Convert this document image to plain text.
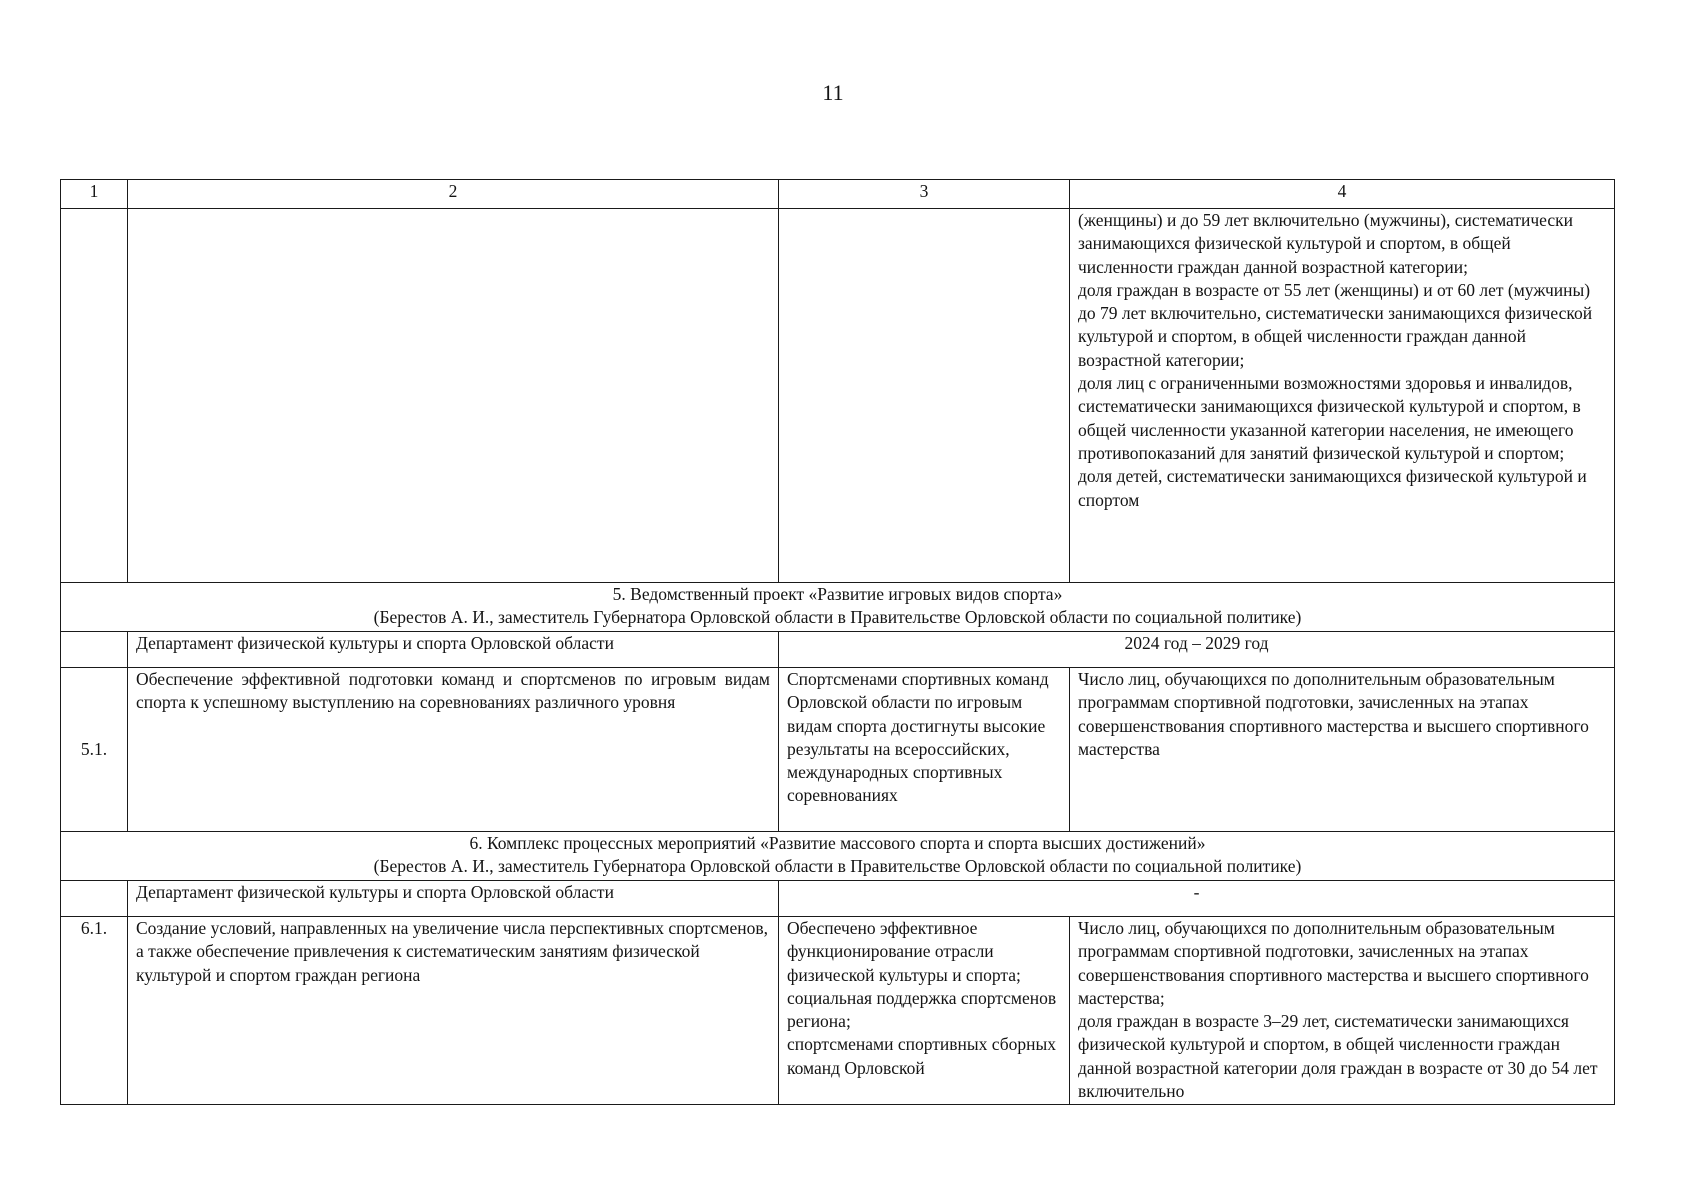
11
1	2	3	4

			(женщины) и до 59 лет включительно (мужчины), систематически занимающихся физической культурой и спортом, в общей численности граждан данной возрастной категории;
доля граждан в возрасте от 55 лет (женщины) и от 60 лет (мужчины) до 79 лет включительно, систематически занимающихся физической культурой и спортом, в общей численности граждан данной возрастной категории;
доля лиц с ограниченными возможностями здоровья и инвалидов, систематически занимающихся физической культурой и спортом, в общей численности указанной категории населения, не имеющего противопоказаний для занятий физической культурой и спортом;
доля детей, систематически занимающихся физической культурой и спортом

5. Ведомственный проект «Развитие игровых видов спорта»
(Берестов А. И., заместитель Губернатора Орловской области в Правительстве Орловской области по социальной политике)			

	Департамент физической культуры и спорта Орловской области	2024 год – 2029 год	
5.1.	Обеспечение эффективной подготовки команд и спортсменов по игровым видам спорта к успешному выступлению на соревнованиях различного уровня	Спортсменами спортивных команд Орловской области по игровым видам спорта достигнуты высокие результаты на всероссийских, международных спортивных соревнованиях	Число лиц, обучающихся по дополнительным образовательным программам спортивной подготовки, зачисленных на этапах совершенствования спортивного мастерства и высшего спортивного мастерства

6. Комплекс процессных мероприятий «Развитие массового спорта и спорта высших достижений»
(Берестов А. И., заместитель Губернатора Орловской области в Правительстве Орловской области по социальной политике)			

	Департамент физической культуры и спорта Орловской области	-	
6.1.	Создание условий, направленных на увеличение числа перспективных спортсменов, а также обеспечение привлечения к систематическим занятиям физической культурой и спортом граждан региона	Обеспечено эффективное функционирование отрасли физической культуры и спорта; социальная поддержка спортсменов региона;
спортсменами спортивных сборных команд Орловской	Число лиц, обучающихся по дополнительным образовательным программам спортивной подготовки, зачисленных на этапах совершенствования спортивного мастерства и высшего спортивного мастерства;
доля граждан в возрасте 3–29 лет, систематически занимающихся физической культурой и спортом, в общей численности граждан данной возрастной категории доля граждан в возрасте от 30 до 54 лет включительно
